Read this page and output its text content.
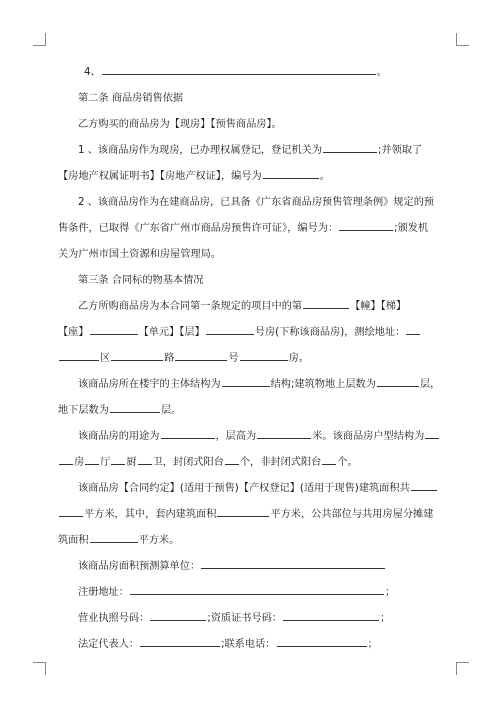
4、	。
第二条 商品房销售依据
乙方购买的商品房为【现房】【预售商品房】。
1 、该商品房作为现房，已办理权属登记，登记机关为	;并领取了
【房地产权属证明书】【房地产权证】，编号为	。
2 、该商品房作为在建商品房，已具备《广东省商品房预售管理条例》规定的预
售条件，已取得《广东省广州市商品房预售许可证》，编号为：	;颁发机
关为广州市国土资源和房屋管理局。
第三条 合同标的物基本情况
乙方所购商品房为本合同第一条规定的项目中的第	【幢】【梯】
【座】	【单元】【层】	号房(下称该商品房)，测绘地址：
区	路	号	房。
该商品房所在楼宇的主体结构为	结构;建筑物地上层数为	层，
地下层数为	层。
该商品房的用途为	，层高为	米。该商品房户型结构为
房 厅 厨 卫，封闭式阳台 个，非封闭式阳台 个。
该商品房【合同约定】(适用于预售)【产权登记】(适用于现售)建筑面积共
平方米，其中，套内建筑面积	平方米，公共部位与共用房屋分摊建
筑面积	平方米。
该商品房面积预测算单位：
注册地址：	；
营业执照号码：	;资质证书号码：	；
法定代表人：	;联系电话：	；
